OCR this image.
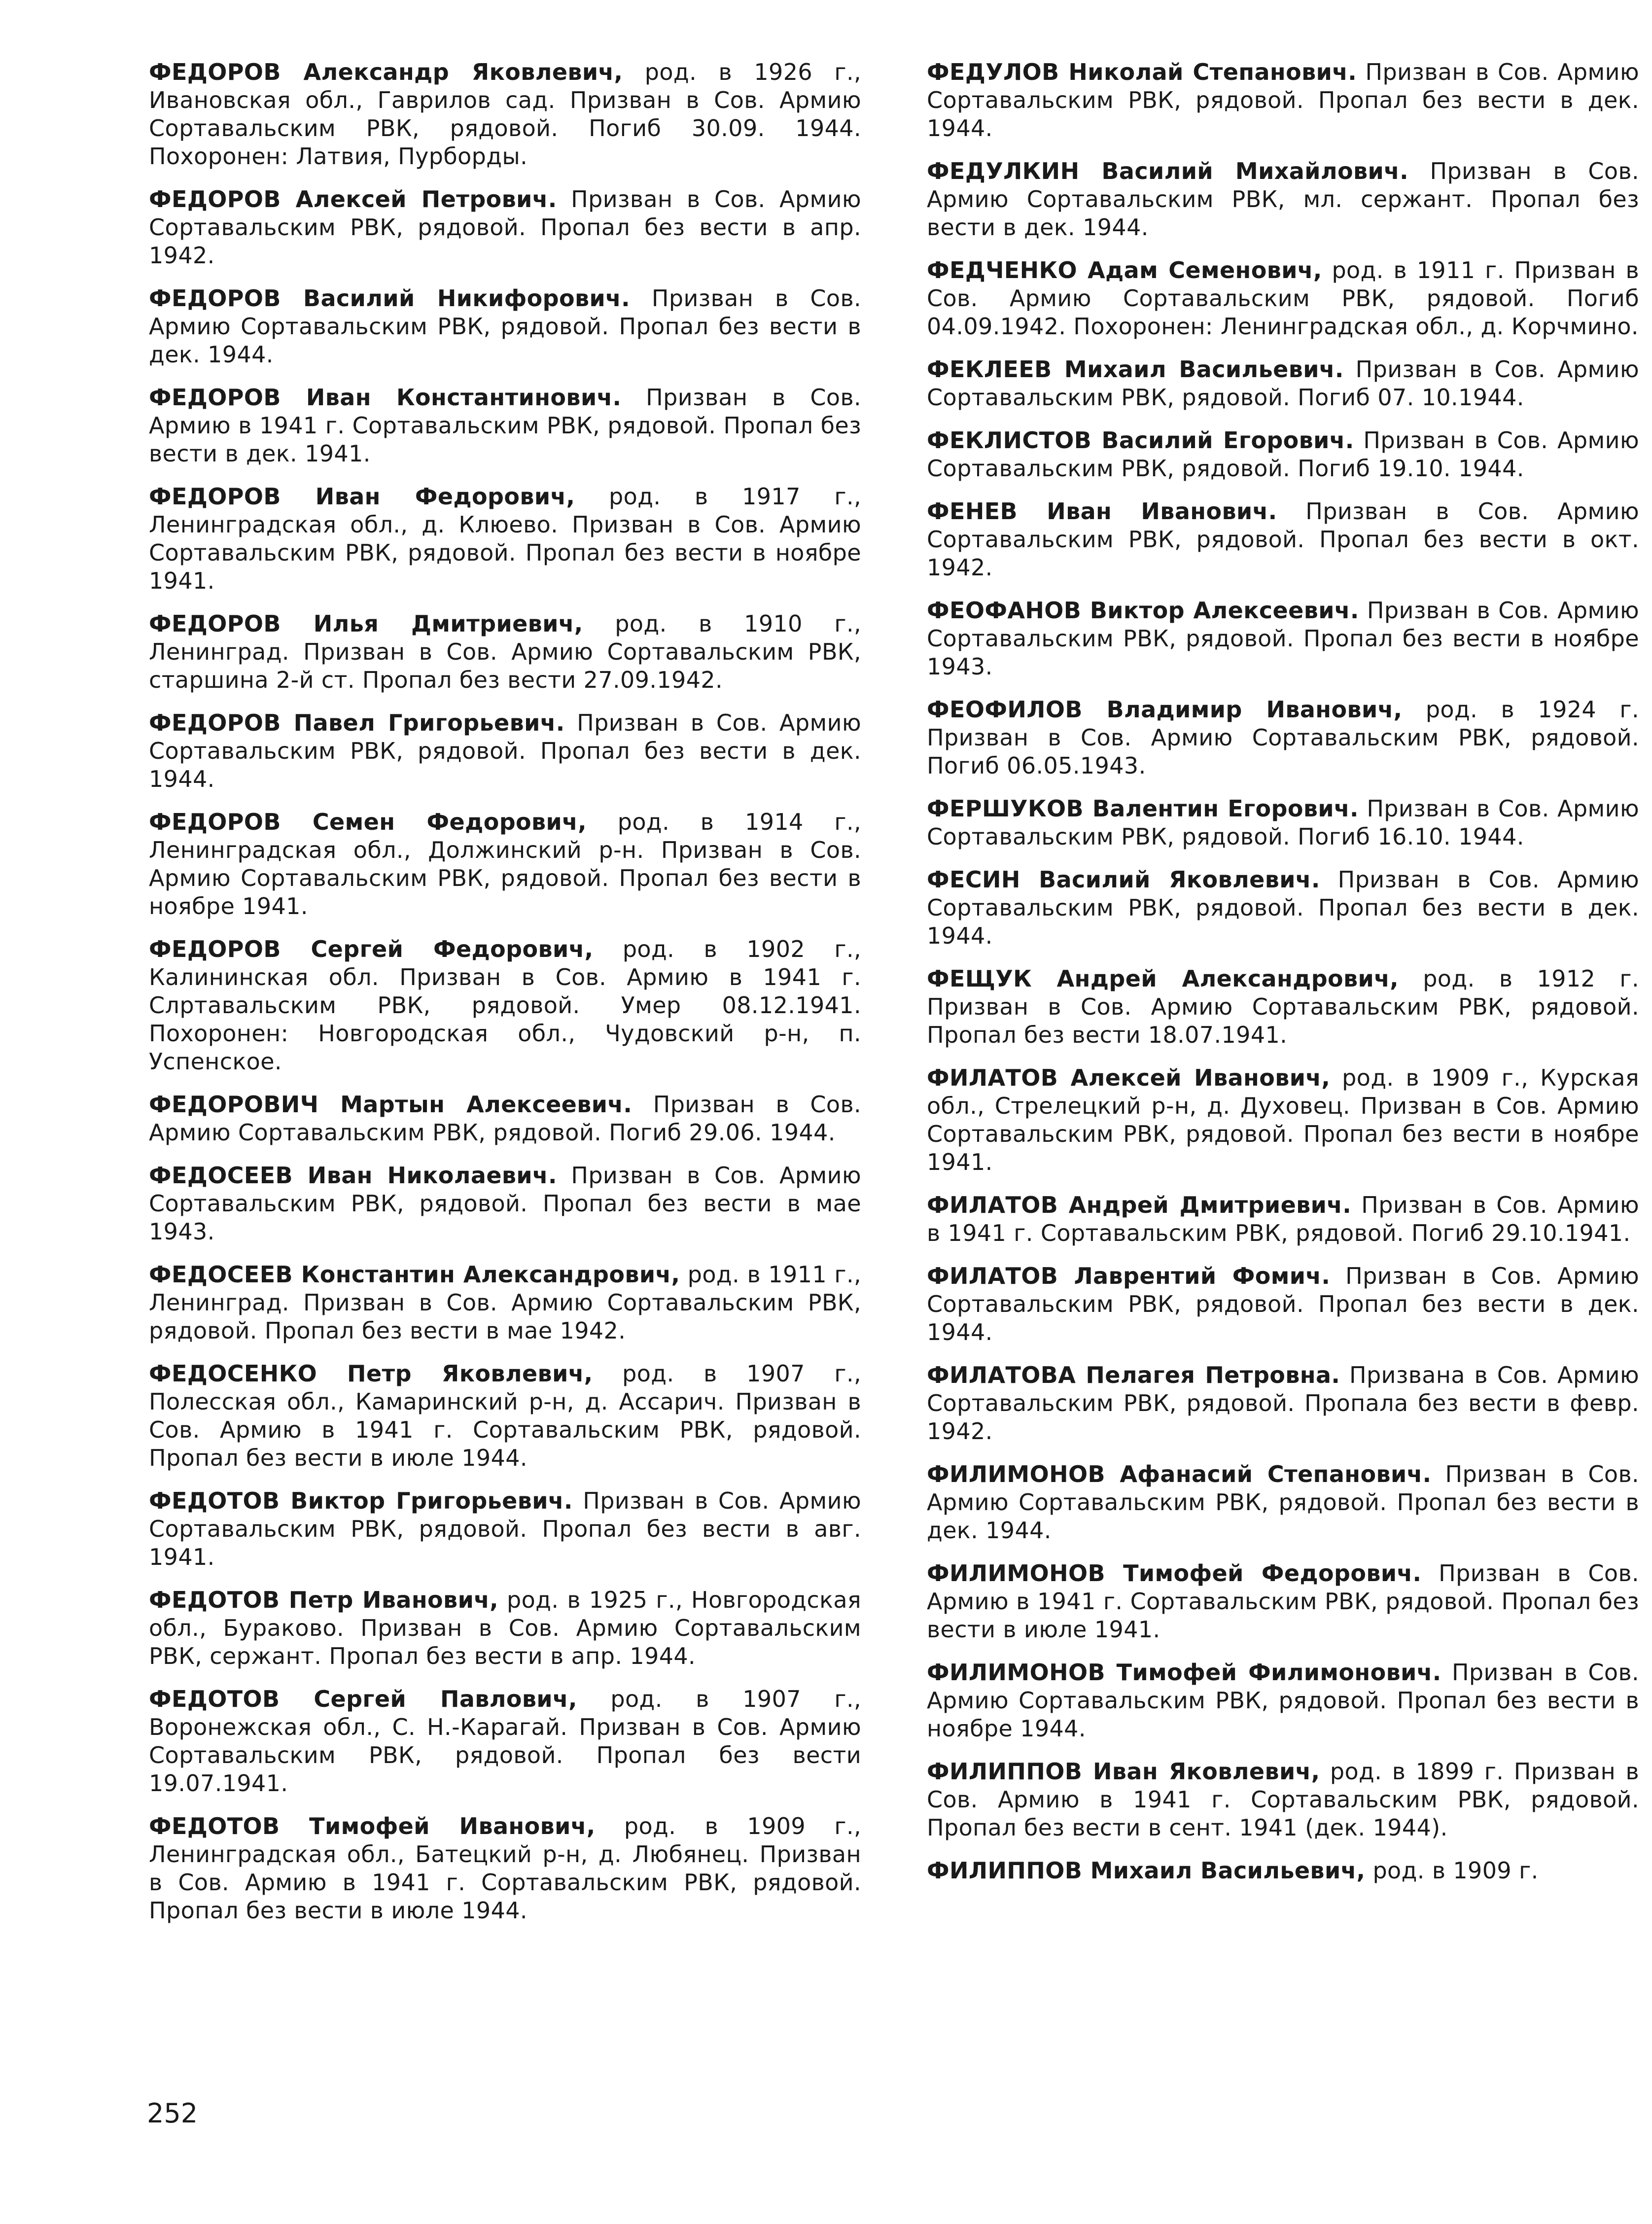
ФЕДОРОВ Александр Яковлевич, род. в 1926 г., Ивановская обл., Гаврилов сад. Призван в Сов. Армию Сортавальским РВК, рядовой. Погиб 30.09. 1944. Похоронен: Латвия, Пурборды.

ФЕДОРОВ Алексей Петрович. Призван в Сов. Армию Сортавальским РВК, рядовой. Пропал без вести в апр. 1942.

ФЕДОРОВ Василий Никифорович. Призван в Сов. Армию Сортавальским РВК, рядовой. Пропал без вести в дек. 1944.

ФЕДОРОВ Иван Константинович. Призван в Сов. Армию в 1941 г. Сортавальским РВК, рядовой. Пропал без вести в дек. 1941.

ФЕДОРОВ Иван Федорович, род. в 1917 г., Ленинградская обл., д. Клюево. Призван в Сов. Армию Сортавальским РВК, рядовой. Пропал без вести в ноябре 1941.

ФЕДОРОВ Илья Дмитриевич, род. в 1910 г., Ленинград. Призван в Сов. Армию Сортавальским РВК, старшина 2-й ст. Пропал без вести 27.09.1942.

ФЕДОРОВ Павел Григорьевич. Призван в Сов. Армию Сортавальским РВК, рядовой. Пропал без вести в дек. 1944.

ФЕДОРОВ Семен Федорович, род. в 1914 г., Ленинградская обл., Должинский р-н. Призван в Сов. Армию Сортавальским РВК, рядовой. Пропал без вести в ноябре 1941.

ФЕДОРОВ Сергей Федорович, род. в 1902 г., Калининская обл. Призван в Сов. Армию в 1941 г. Слртавальским РВК, рядовой. Умер 08.12.1941. Похоронен: Новгородская обл., Чудовский р-н, п. Успенское.

ФЕДОРОВИЧ Мартын Алексеевич. Призван в Сов. Армию Сортавальским РВК, рядовой. Погиб 29.06. 1944.

ФЕДОСЕЕВ Иван Николаевич. Призван в Сов. Армию Сортавальским РВК, рядовой. Пропал без вести в мае 1943.

ФЕДОСЕЕВ Константин Александрович, род. в 1911 г., Ленинград. Призван в Сов. Армию Сортавальским РВК, рядовой. Пропал без вести в мае 1942.

ФЕДОСЕНКО Петр Яковлевич, род. в 1907 г., Полесская обл., Камаринский р-н, д. Ассарич. Призван в Сов. Армию в 1941 г. Сортавальским РВК, рядовой. Пропал без вести в июле 1944.

ФЕДОТОВ Виктор Григорьевич. Призван в Сов. Армию Сортавальским РВК, рядовой. Пропал без вести в авг. 1941.

ФЕДОТОВ Петр Иванович, род. в 1925 г., Новгородская обл., Бураково. Призван в Сов. Армию Сортавальским РВК, сержант. Пропал без вести в апр. 1944.

ФЕДОТОВ Сергей Павлович, род. в 1907 г., Воронежская обл., С. Н.-Карагай. Призван в Сов. Армию Сортавальским РВК, рядовой. Пропал без вести 19.07.1941.

ФЕДОТОВ Тимофей Иванович, род. в 1909 г., Ленинградская обл., Батецкий р-н, д. Любянец. Призван в Сов. Армию в 1941 г. Сортавальским РВК, рядовой. Пропал без вести в июле 1944.

ФЕДУЛОВ Николай Степанович. Призван в Сов. Армию Сортавальским РВК, рядовой. Пропал без вести в дек. 1944.

ФЕДУЛКИН Василий Михайлович. Призван в Сов. Армию Сортавальским РВК, мл. сержант. Пропал без вести в дек. 1944.

ФЕДЧЕНКО Адам Семенович, род. в 1911 г. Призван в Сов. Армию Сортавальским РВК, рядовой. Погиб 04.09.1942. Похоронен: Ленинградская обл., д. Корчмино.

ФЕКЛЕЕВ Михаил Васильевич. Призван в Сов. Армию Сортавальским РВК, рядовой. Погиб 07. 10.1944.

ФЕКЛИСТОВ Василий Егорович. Призван в Сов. Армию Сортавальским РВК, рядовой. Погиб 19.10. 1944.

ФЕНЕВ Иван Иванович. Призван в Сов. Армию Сортавальским РВК, рядовой. Пропал без вести в окт. 1942.

ФЕОФАНОВ Виктор Алексеевич. Призван в Сов. Армию Сортавальским РВК, рядовой. Пропал без вести в ноябре 1943.

ФЕОФИЛОВ Владимир Иванович, род. в 1924 г. Призван в Сов. Армию Сортавальским РВК, рядовой. Погиб 06.05.1943.

ФЕРШУКОВ Валентин Егорович. Призван в Сов. Армию Сортавальским РВК, рядовой. Погиб 16.10. 1944.

ФЕСИН Василий Яковлевич. Призван в Сов. Армию Сортавальским РВК, рядовой. Пропал без вести в дек. 1944.

ФЕЩУК Андрей Александрович, род. в 1912 г. Призван в Сов. Армию Сортавальским РВК, рядовой. Пропал без вести 18.07.1941.

ФИЛАТОВ Алексей Иванович, род. в 1909 г., Курская обл., Стрелецкий р-н, д. Духовец. Призван в Сов. Армию Сортавальским РВК, рядовой. Пропал без вести в ноябре 1941.

ФИЛАТОВ Андрей Дмитриевич. Призван в Сов. Армию в 1941 г. Сортавальским РВК, рядовой. Погиб 29.10.1941.

ФИЛАТОВ Лаврентий Фомич. Призван в Сов. Армию Сортавальским РВК, рядовой. Пропал без вести в дек. 1944.

ФИЛАТОВА Пелагея Петровна. Призвана в Сов. Армию Сортавальским РВК, рядовой. Пропала без вести в февр. 1942.

ФИЛИМОНОВ Афанасий Степанович. Призван в Сов. Армию Сортавальским РВК, рядовой. Пропал без вести в дек. 1944.

ФИЛИМОНОВ Тимофей Федорович. Призван в Сов. Армию в 1941 г. Сортавальским РВК, рядовой. Пропал без вести в июле 1941.

ФИЛИМОНОВ Тимофей Филимонович. Призван в Сов. Армию Сортавальским РВК, рядовой. Пропал без вести в ноябре 1944.

ФИЛИППОВ Иван Яковлевич, род. в 1899 г. Призван в Сов. Армию в 1941 г. Сортавальским РВК, рядовой. Пропал без вести в сент. 1941 (дек. 1944).

ФИЛИППОВ Михаил Васильевич, род. в 1909 г.

252
